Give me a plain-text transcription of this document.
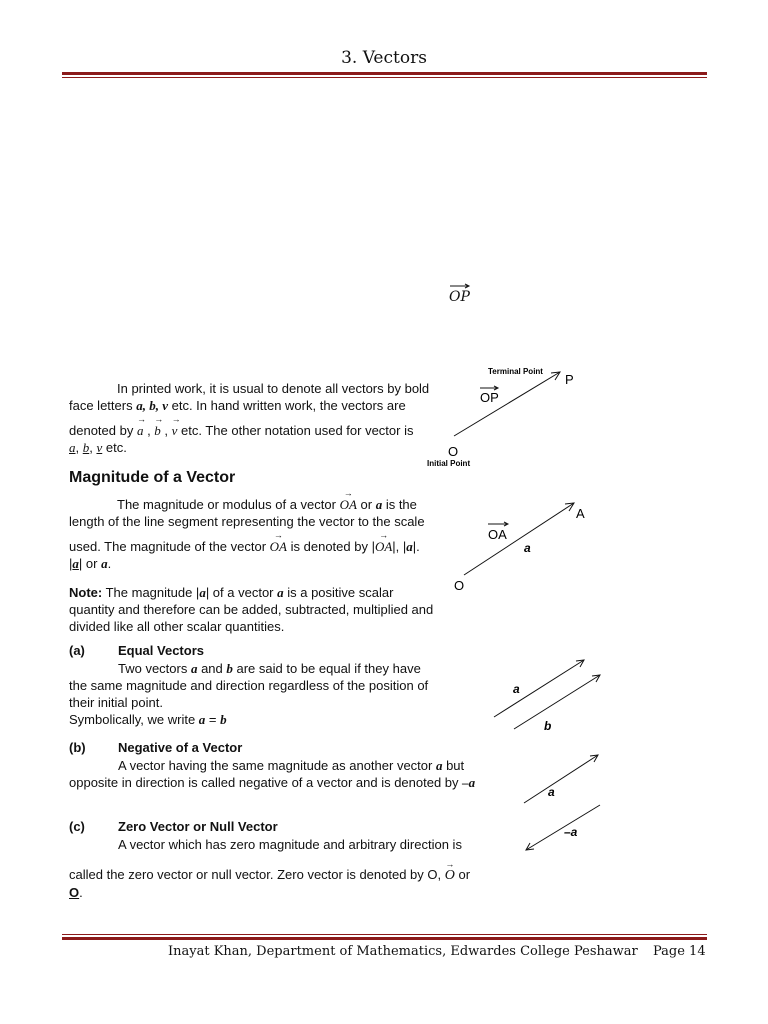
3. Vectors
OP
In printed work, it is usual to denote all vectors by bold
face letters a, b, v etc. In hand written work, the vectors are
denoted by → a , → b , → v etc. The other notation used for vector is
a, b, v etc.
Terminal Point
P
OP
O
Initial Point
Magnitude of a Vector
The magnitude or modulus of a vector → OA or a is the
length of the line segment representing the vector to the scale
used. The magnitude of the vector → OA is denoted by |→ OA|, |a|.
|a| or a.
A
OA
a
O
Note: The magnitude |a| of a vector a is a positive scalar
quantity and therefore can be added, subtracted, multiplied and
divided like all other scalar quantities.
(a)	Equal Vectors
Two vectors a and b are said to be equal if they have
the same magnitude and direction regardless of the position of
their initial point.
Symbolically, we write a = b
a
b
(b) Negative of a Vector
A vector having the same magnitude as another vector a but
opposite in direction is called negative of a vector and is denoted by –a
a
–a
(c)	Zero Vector or Null Vector
A vector which has zero magnitude and arbitrary direction is
called the zero vector or null vector. Zero vector is denoted by O, → O or
O.
Inayat Khan, Department of Mathematics, Edwardes College Peshawar Page 14
